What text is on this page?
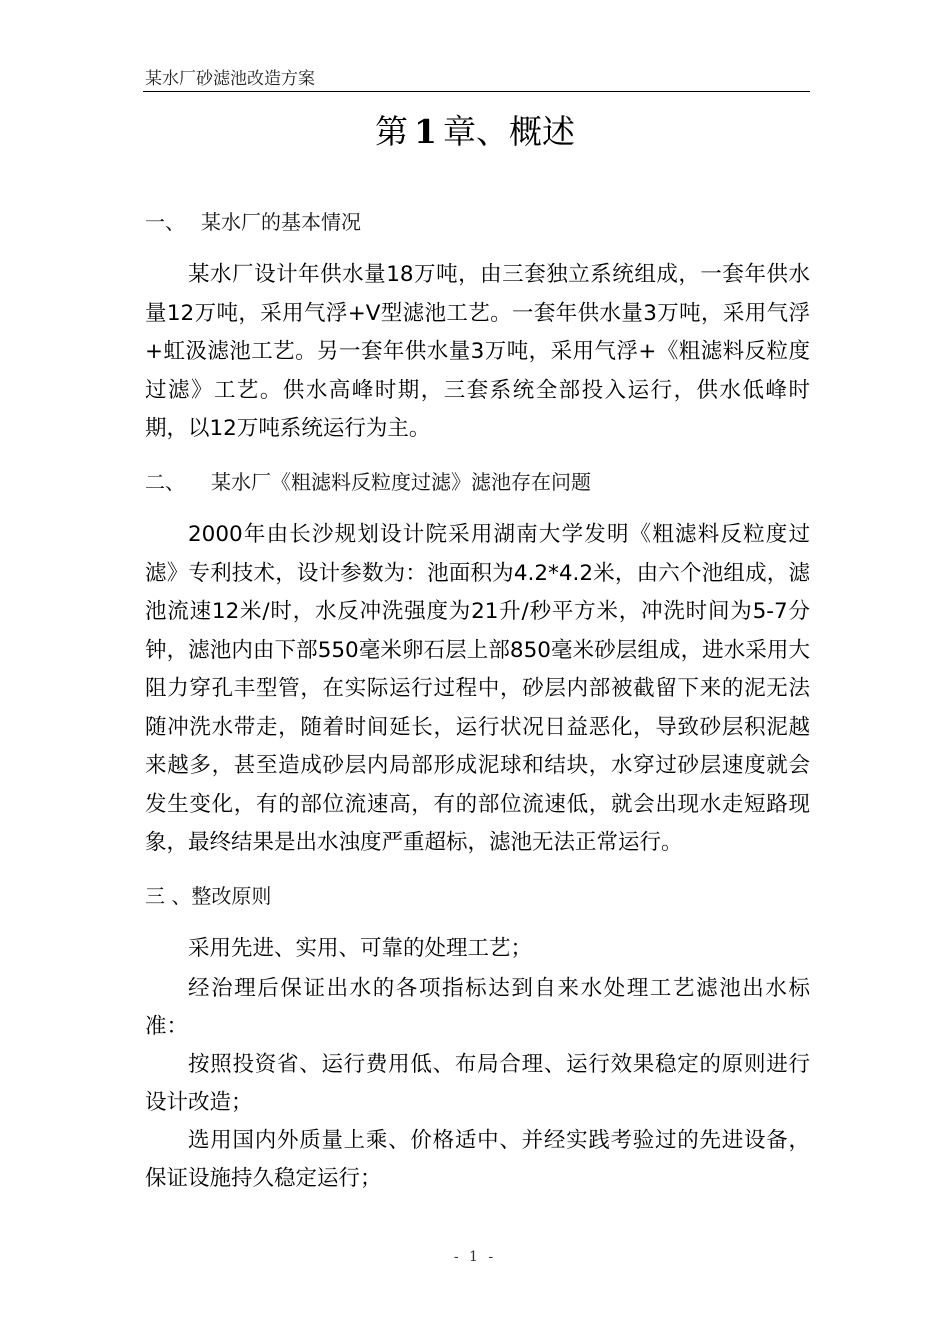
某水厂砂滤池改造方案
第 1 章、概述
一、 某水厂的基本情况

某水厂设计年供水量18万吨，由三套独立系统组成，一套年供水量12万吨，采用气浮+V型滤池工艺。一套年供水量3万吨，采用气浮+虹汲滤池工艺。另一套年供水量3万吨，采用气浮+《粗滤料反粒度过滤》工艺。供水高峰时期，三套系统全部投入运行，供水低峰时期，以12万吨系统运行为主。

二、 某水厂《粗滤料反粒度过滤》滤池存在问题

2000年由长沙规划设计院采用湖南大学发明《粗滤料反粒度过滤》专利技术，设计参数为：池面积为4.2*4.2米，由六个池组成，滤池流速12米/时，水反冲洗强度为21升/秒平方米，冲洗时间为5-7分钟，滤池内由下部550毫米卵石层上部850毫米砂层组成，进水采用大阻力穿孔丰型管，在实际运行过程中，砂层内部被截留下来的泥无法随冲洗水带走，随着时间延长，运行状况日益恶化，导致砂层积泥越来越多，甚至造成砂层内局部形成泥球和结块，水穿过砂层速度就会发生变化，有的部位流速高，有的部位流速低，就会出现水走短路现象，最终结果是出水浊度严重超标，滤池无法正常运行。

三 、整改原则

采用先进、实用、可靠的处理工艺；

经治理后保证出水的各项指标达到自来水处理工艺滤池出水标准：

按照投资省、运行费用低、布局合理、运行效果稳定的原则进行设计改造；

选用国内外质量上乘、价格适中、并经实践考验过的先进设备，保证设施持久稳定运行；

- 1 -
